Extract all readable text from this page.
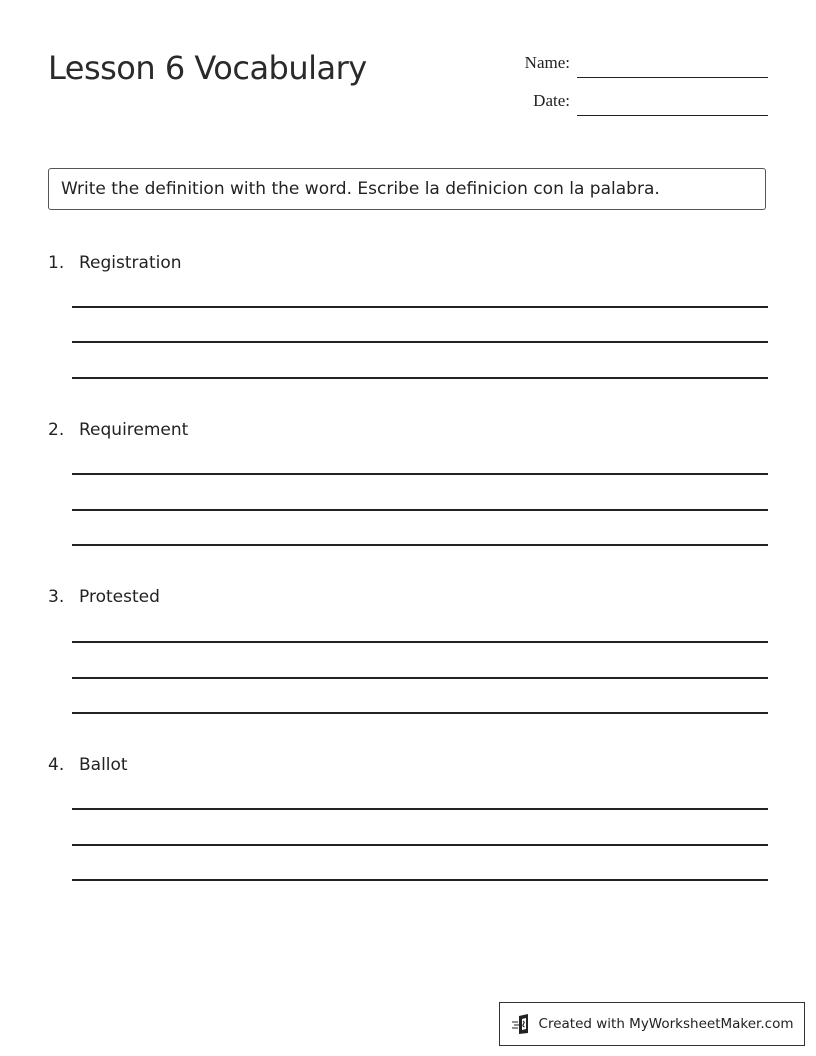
Lesson 6 Vocabulary	Name:
Date:
Write the definition with the word. Escribe la definicion con la palabra.
1. Registration
2. Requirement
3. Protested
4. Ballot
Created with MyWorksheetMaker.com
